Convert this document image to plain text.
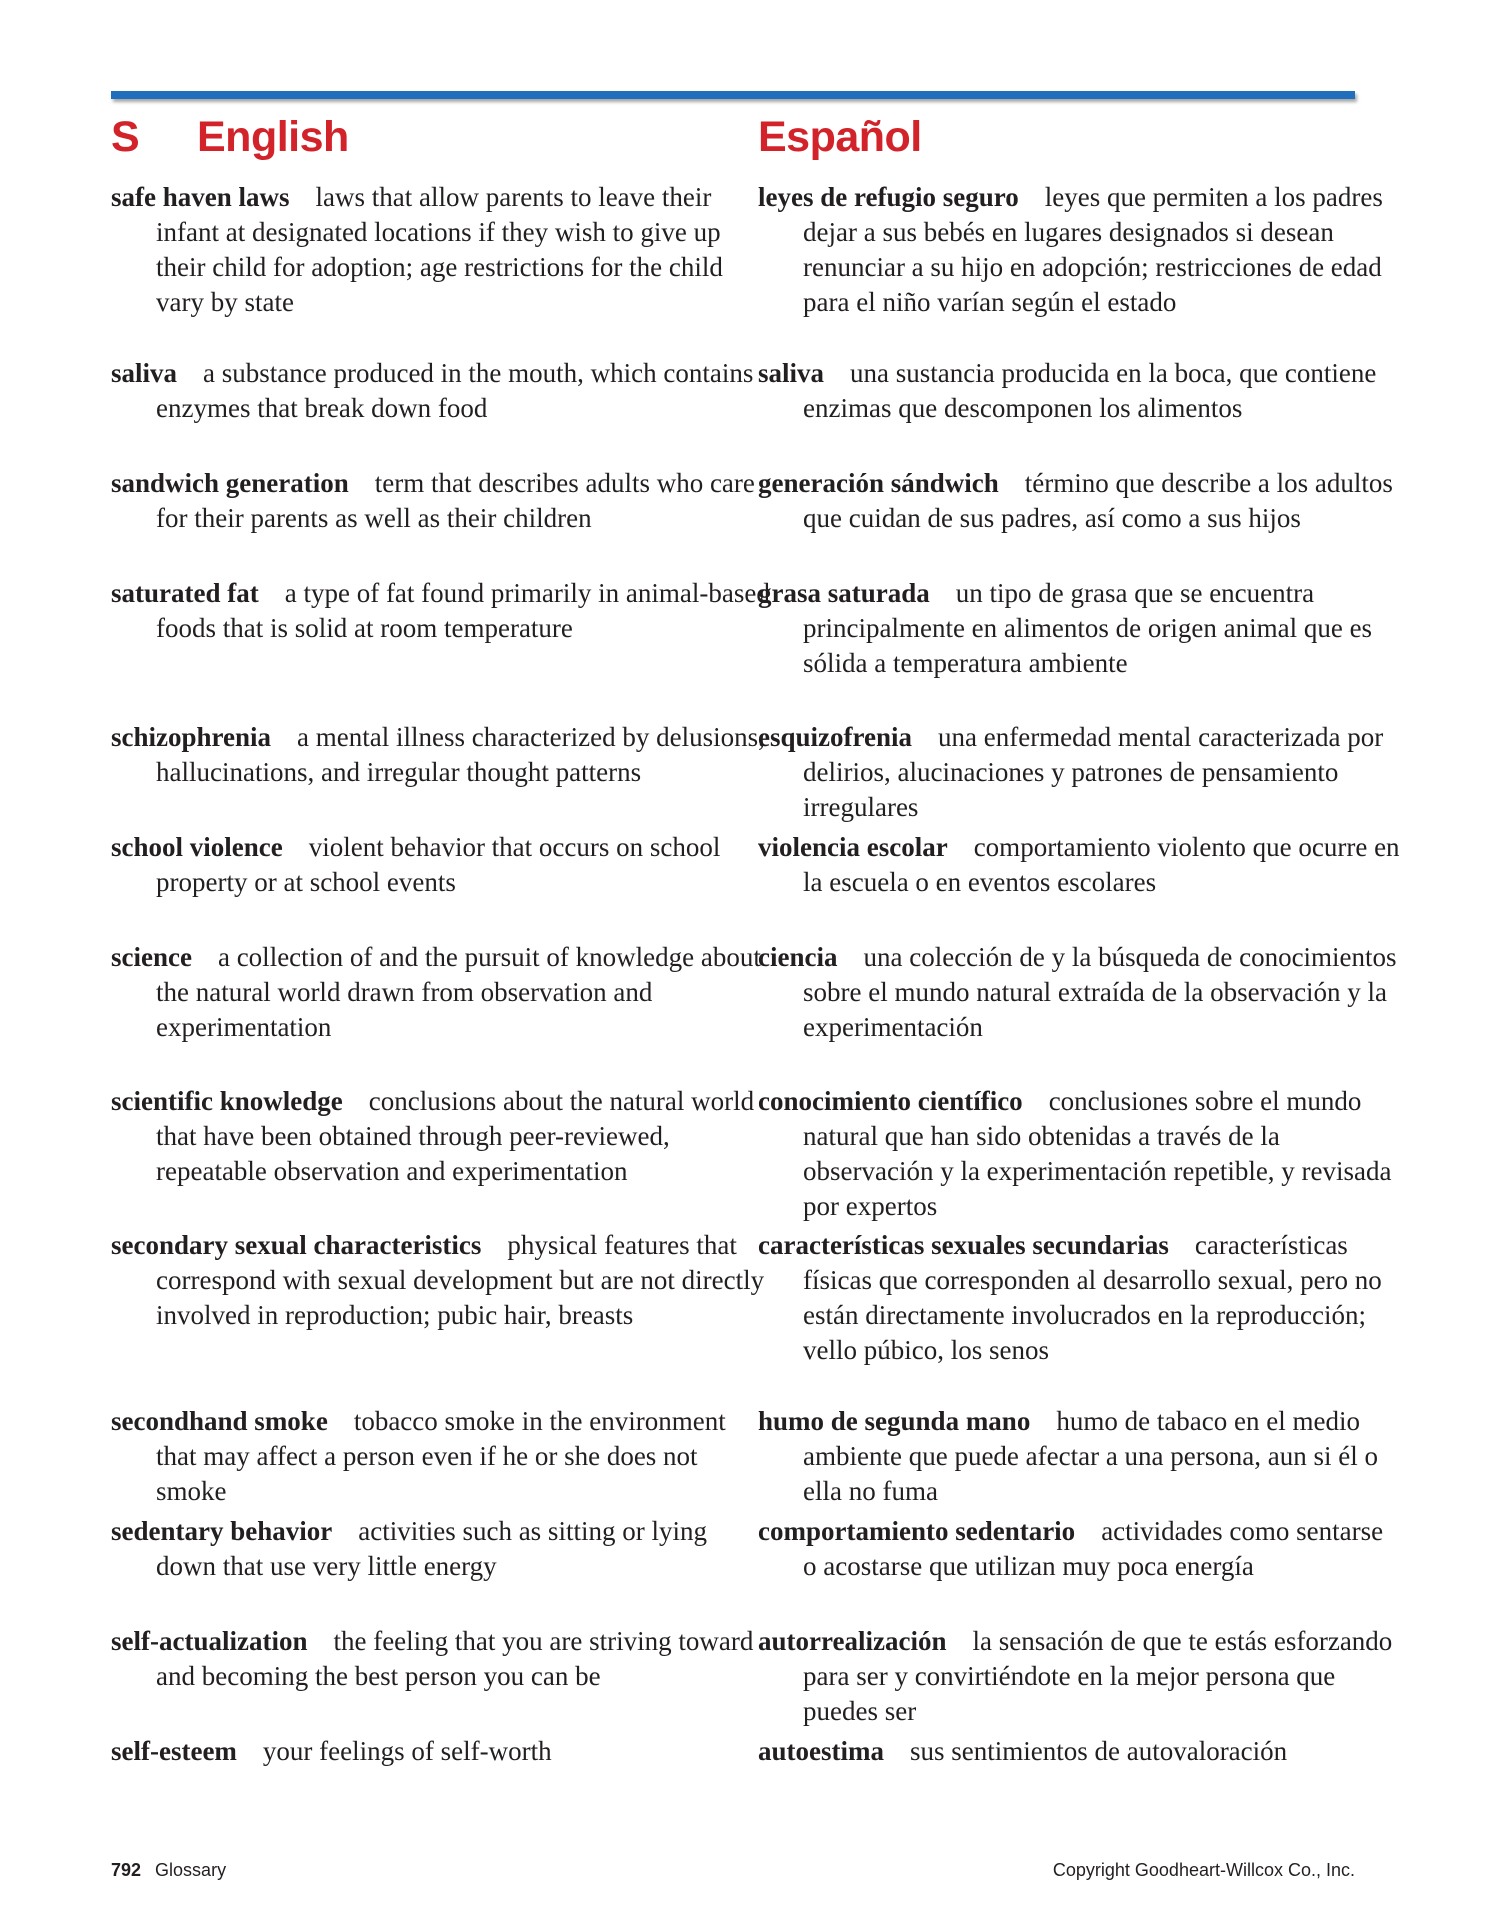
S English	Español

safe haven laws laws that allow parents to leave their infant at designated locations if they wish to give up their child for adoption; age restrictions for the child vary by state

saliva a substance produced in the mouth, which contains enzymes that break down food

sandwich generation term that describes adults who care for their parents as well as their children

saturated fat a type of fat found primarily in animal-based foods that is solid at room temperature

schizophrenia a mental illness characterized by delusions, hallucinations, and irregular thought patterns

school violence violent behavior that occurs on school property or at school events

science a collection of and the pursuit of knowledge about the natural world drawn from observation and experimentation

scientific knowledge conclusions about the natural world that have been obtained through peer-reviewed, repeatable observation and experimentation

secondary sexual characteristics physical features that correspond with sexual development but are not directly involved in reproduction; pubic hair, breasts

secondhand smoke tobacco smoke in the environment that may affect a person even if he or she does not smoke

sedentary behavior activities such as sitting or lying down that use very little energy

self-actualization the feeling that you are striving toward and becoming the best person you can be

self-esteem your feelings of self-worth

leyes de refugio seguro leyes que permiten a los padres dejar a sus bebés en lugares designados si desean renunciar a su hijo en adopción; restricciones de edad para el niño varían según el estado

saliva una sustancia producida en la boca, que contiene enzimas que descomponen los alimentos

generación sándwich término que describe a los adultos que cuidan de sus padres, así como a sus hijos

grasa saturada un tipo de grasa que se encuentra principalmente en alimentos de origen animal que es sólida a temperatura ambiente

esquizofrenia una enfermedad mental caracterizada por delirios, alucinaciones y patrones de pensamiento irregulares

violencia escolar comportamiento violento que ocurre en la escuela o en eventos escolares

ciencia una colección de y la búsqueda de conocimientos sobre el mundo natural extraída de la observación y la experimentación

conocimiento científico conclusiones sobre el mundo natural que han sido obtenidas a través de la observación y la experimentación repetible, y revisada por expertos

características sexuales secundarias características físicas que corresponden al desarrollo sexual, pero no están directamente involucrados en la reproducción; vello púbico, los senos

humo de segunda mano humo de tabaco en el medio ambiente que puede afectar a una persona, aun si él o ella no fuma

comportamiento sedentario actividades como sentarse o acostarse que utilizan muy poca energía

autorrealización la sensación de que te estás esforzando para ser y convirtiéndote en la mejor persona que puedes ser

autoestima sus sentimientos de autovaloración

792 Glossary	Copyright Goodheart-Willcox Co., Inc.
